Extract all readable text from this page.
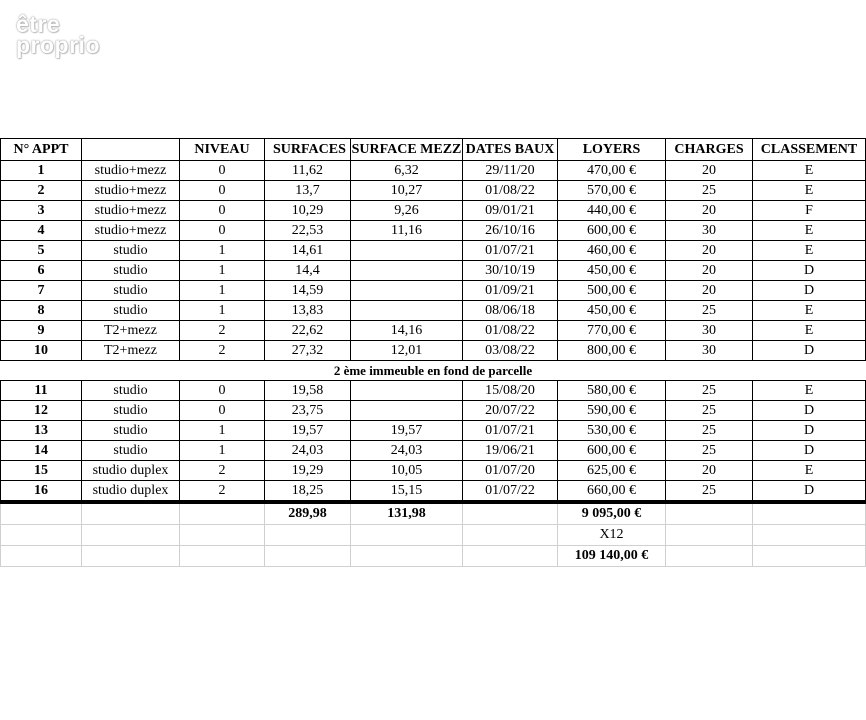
être
proprio
N° APPT		NIVEAU	SURFACES	SURFACE MEZZ	DATES BAUX	LOYERS	CHARGES	CLASSEMENT
1	studio+mezz	0	11,62	6,32	29/11/20	470,00 €	20	E
2	studio+mezz	0	13,7	10,27	01/08/22	570,00 €	25	E
3	studio+mezz	0	10,29	9,26	09/01/21	440,00 €	20	F
4	studio+mezz	0	22,53	11,16	26/10/16	600,00 €	30	E
5	studio	1	14,61		01/07/21	460,00 €	20	E
6	studio	1	14,4		30/10/19	450,00 €	20	D
7	studio	1	14,59		01/09/21	500,00 €	20	D
8	studio	1	13,83		08/06/18	450,00 €	25	E
9	T2+mezz	2	22,62	14,16	01/08/22	770,00 €	30	E
10	T2+mezz	2	27,32	12,01	03/08/22	800,00 €	30	D
2 ème immeuble en fond de parcelle								
11	studio	0	19,58		15/08/20	580,00 €	25	E
12	studio	0	23,75		20/07/22	590,00 €	25	D
13	studio	1	19,57	19,57	01/07/21	530,00 €	25	D
14	studio	1	24,03	24,03	19/06/21	600,00 €	25	D
15	studio duplex	2	19,29	10,05	01/07/20	625,00 €	20	E
16	studio duplex	2	18,25	15,15	01/07/22	660,00 €	25	D
			289,98	131,98		9 095,00 €		
						X12		
						109 140,00 €		
